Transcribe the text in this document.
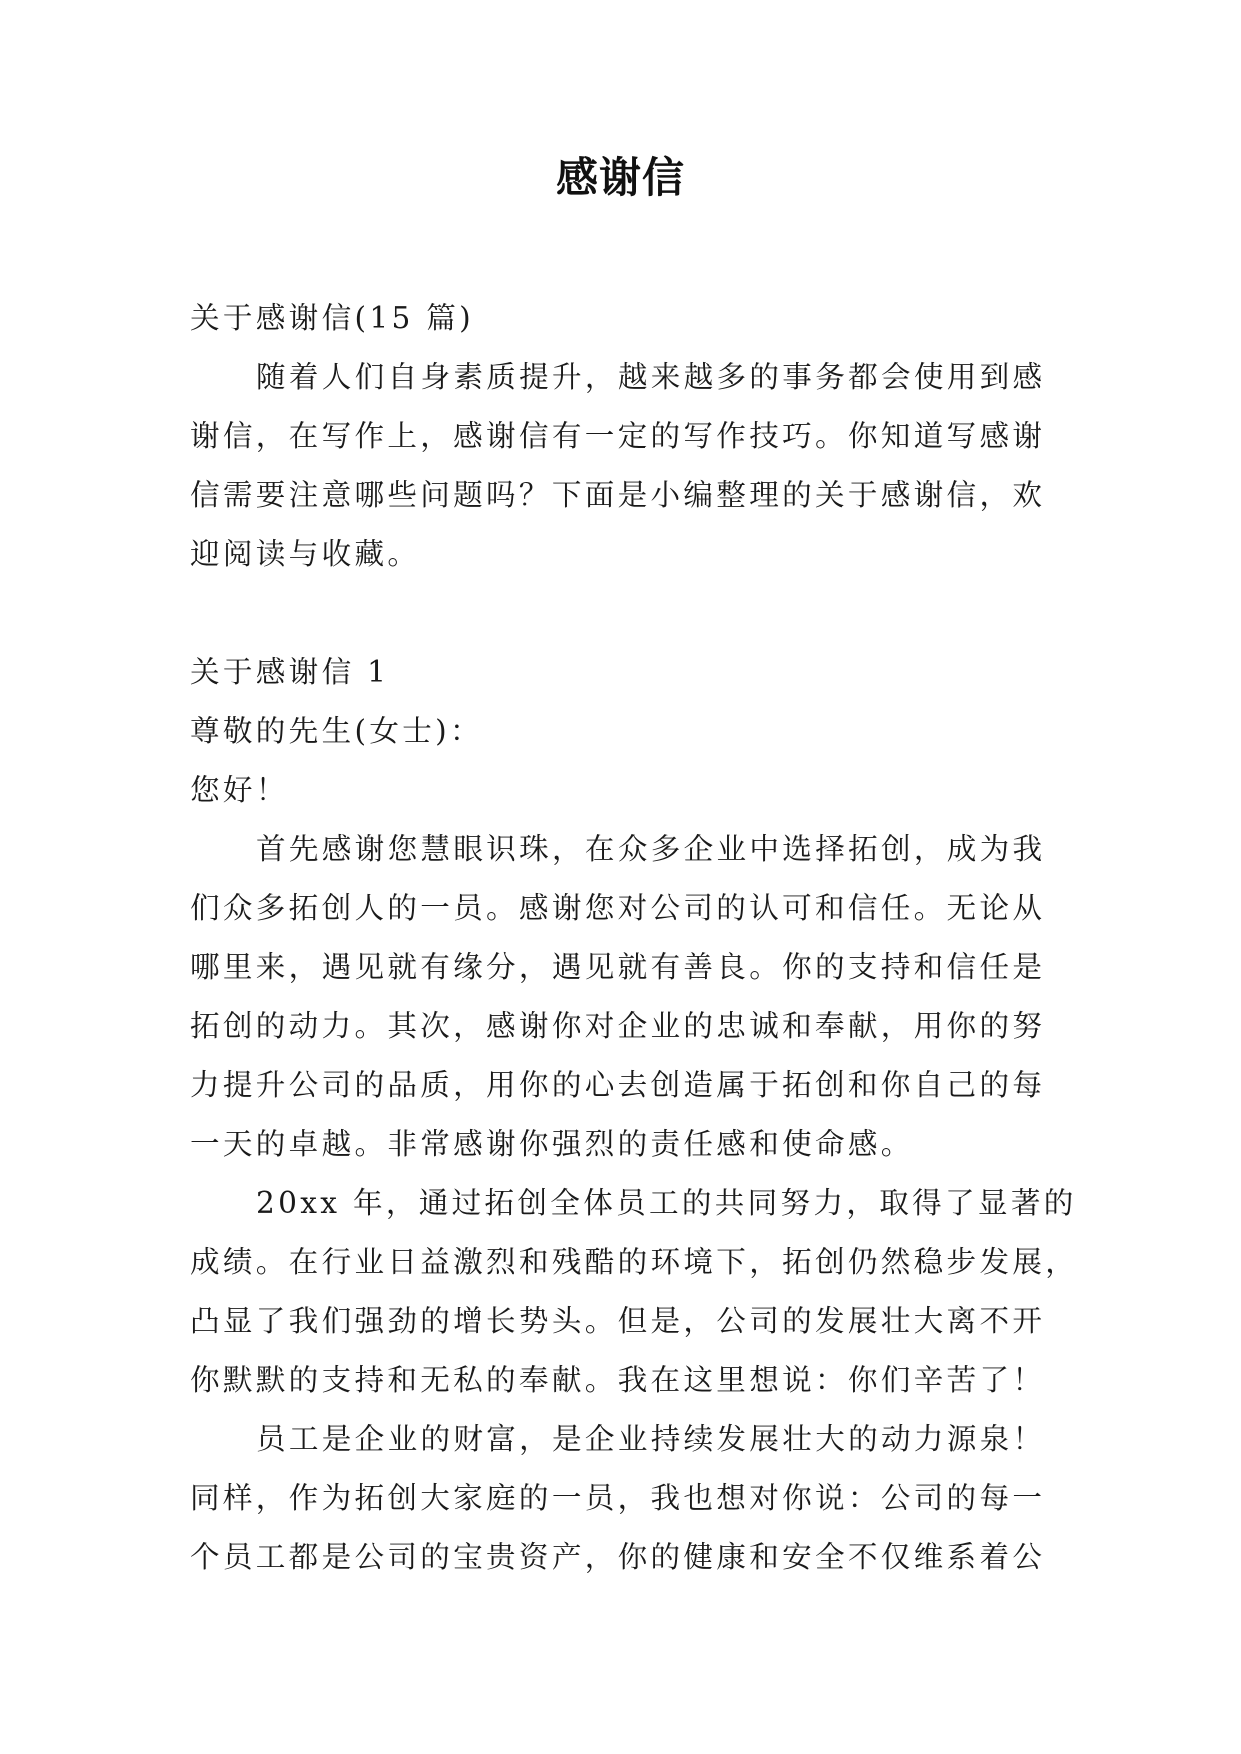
感谢信
关于感谢信(15 篇)
随着人们自身素质提升，越来越多的事务都会使用到感
谢信，在写作上，感谢信有一定的写作技巧。你知道写感谢
信需要注意哪些问题吗？下面是小编整理的关于感谢信，欢
迎阅读与收藏。
关于感谢信 1
尊敬的先生(女士)：
您好！
首先感谢您慧眼识珠，在众多企业中选择拓创，成为我
们众多拓创人的一员。感谢您对公司的认可和信任。无论从
哪里来，遇见就有缘分，遇见就有善良。你的支持和信任是
拓创的动力。其次，感谢你对企业的忠诚和奉献，用你的努
力提升公司的品质，用你的心去创造属于拓创和你自己的每
一天的卓越。非常感谢你强烈的责任感和使命感。
20xx 年，通过拓创全体员工的共同努力，取得了显著的
成绩。在行业日益激烈和残酷的环境下，拓创仍然稳步发展，
凸显了我们强劲的增长势头。但是，公司的发展壮大离不开
你默默的支持和无私的奉献。我在这里想说：你们辛苦了！
员工是企业的财富，是企业持续发展壮大的动力源泉！
同样，作为拓创大家庭的一员，我也想对你说：公司的每一
个员工都是公司的宝贵资产，你的健康和安全不仅维系着公
